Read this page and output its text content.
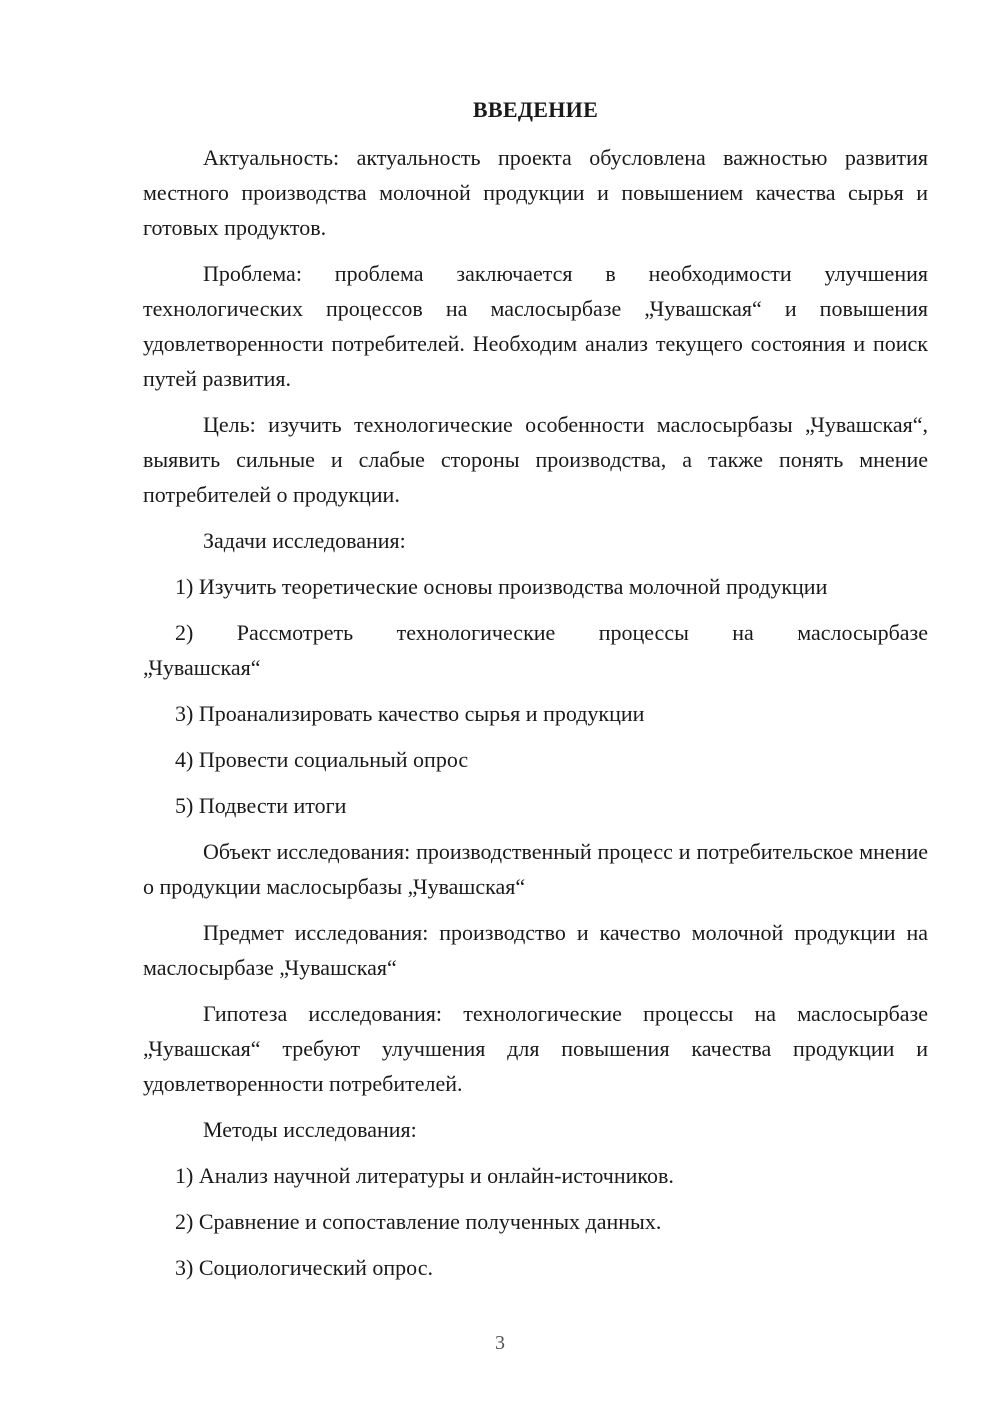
ВВЕДЕНИЕ

Актуальность: актуальность проекта обусловлена важностью развития местного производства молочной продукции и повышением качества сырья и готовых продуктов.

Проблема: проблема заключается в необходимости улучшения технологических процессов на маслосырбазе „Чувашская“ и повышения удовлетворенности потребителей. Необходим анализ текущего состояния и поиск путей развития.

Цель: изучить технологические особенности маслосырбазы „Чувашская“, выявить сильные и слабые стороны производства, а также понять мнение потребителей о продукции.

Задачи исследования:
1) Изучить теоретические основы производства молочной продукции
2) Рассмотреть технологические процессы на маслосырбазе
„Чувашская“
3) Проанализировать качество сырья и продукции
4) Провести социальный опрос
5) Подвести итоги

Объект исследования: производственный процесс и потребительское мнение о продукции маслосырбазы „Чувашская“

Предмет исследования: производство и качество молочной продукции на маслосырбазе „Чувашская“

Гипотеза исследования: технологические процессы на маслосырбазе „Чувашская“ требуют улучшения для повышения качества продукции и удовлетворенности потребителей.

Методы исследования:
1) Анализ научной литературы и онлайн-источников.
2) Сравнение и сопоставление полученных данных.
3) Социологический опрос.
3
